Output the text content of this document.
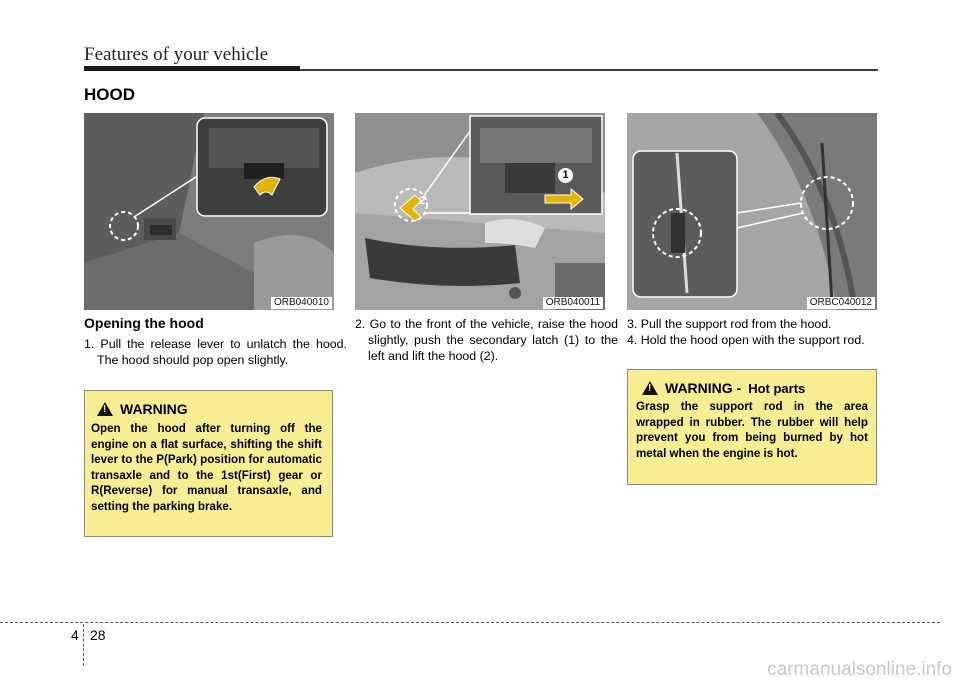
Features of your vehicle
HOOD
ORB040010
2
1
ORB040011	ORBC040012
Opening the hood
1. Pull the release lever to unlatch the hood. The hood should pop open slightly.
2. Go to the front of the vehicle, raise the hood slightly, push the secondary latch (1) to the left and lift the hood (2).
3. Pull the support rod from the hood.
4. Hold the hood open with the support rod.
!
WARNING
Open the hood after turning off the engine on a flat surface, shifting the shift lever to the P(Park) position for automatic transaxle and to the 1st(First) gear or R(Reverse) for manual transaxle, and setting the parking brake.
!
WARNING - Hot parts
Grasp the support rod in the area wrapped in rubber. The rubber will help prevent you from being burned by hot metal when the engine is hot.
4 28
carmanualsonline.info
